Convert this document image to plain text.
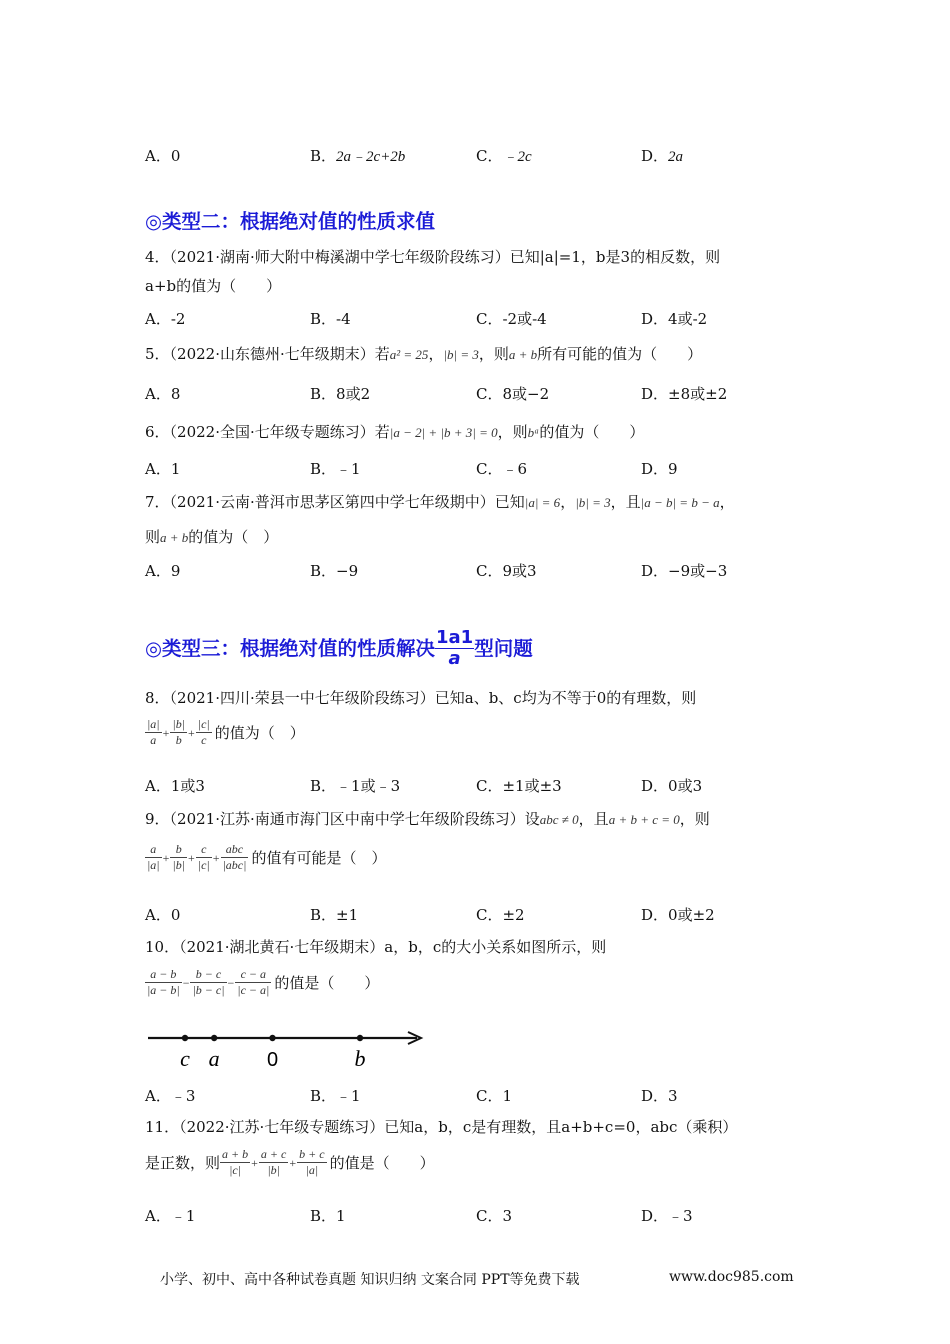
A．0	B．2a﹣2c+2b	C．﹣2c	D．2a
◎类型二：根据绝对值的性质求值
4．（2021·湖南·师大附中梅溪湖中学七年级阶段练习）已知|a|=1，b是3的相反数，则
a+b的值为（　　）
A．-2	B．-4	C．-2或-4	D．4或-2
5．（2022·山东德州·七年级期末）若a² = 25，|b| = 3，则a + b所有可能的值为（　　）
A．8	B．8或2	C．8或−2	D．±8或±2
6．（2022·全国·七年级专题练习）若|a − 2| + |b + 3| = 0，则bᵃ的值为（　　）
A．1	B．﹣1	C．﹣6	D．9
7．（2021·云南·普洱市思茅区第四中学七年级期中）已知|a| = 6，|b| = 3，且|a − b| = b − a，
则a + b的值为（　）
A．9	B．−9	C．9或3	D．−9或−3
◎类型三：根据绝对值的性质解决 $\frac{1a1}{a}$ 型问题
8．（2021·四川·荣县一中七年级阶段练习）已知a、b、c均为不等于0的有理数，则
$\frac{|a|}{a} + \frac{|b|}{b} + \frac{|c|}{c}$ 的值为（　）
A．1或3	B．﹣1或﹣3	C．±1或±3	D．0或3
9．（2021·江苏·南通市海门区中南中学七年级阶段练习）设abc ≠ 0，且a + b + c = 0，则
$\frac{a}{|a|} + \frac{b}{|b|} + \frac{c}{|c|} + \frac{\text{abc}}{\text{|abc|}}$ 的值有可能是（　）
A．0	B．±1	C．±2	D．0或±2
10．（2021·湖北黄石·七年级期末）a，b，c的大小关系如图所示，则
$\frac{a - b}{|a - b|} - \frac{b - c}{|b - c|} - \frac{c - a}{|c - a|}$ 的值是（　　）
c a 0	b
A．﹣3	B．﹣1	C．1	D．3
11．（2022·江苏·七年级专题练习）已知a，b，c是有理数，且a+b+c=0，abc（乘积）
是正数，则 $\frac{a + b}{|c|} + \frac{a + c}{|b|} + \frac{b + c}{|a|}$ 的值是（　　）
A．﹣1	B．1	C．3	D．﹣3
小学、初中、高中各种试卷真题 知识归纳 文案合同 PPT等免费下载	www.doc985.com
